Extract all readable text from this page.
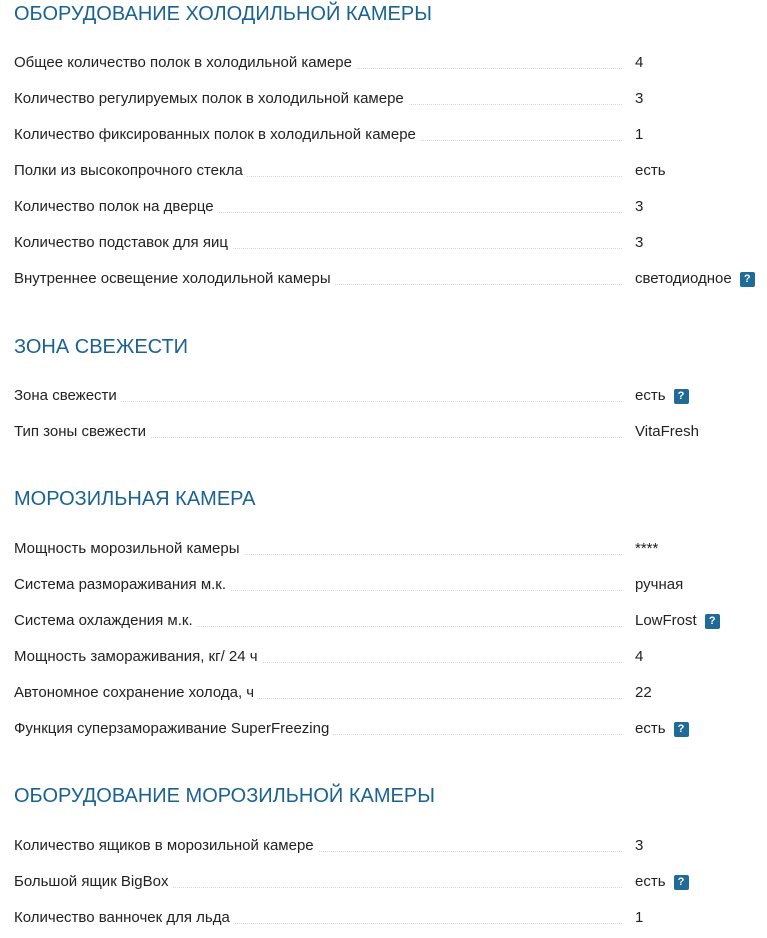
ОБОРУДОВАНИЕ ХОЛОДИЛЬНОЙ КАМЕРЫ
Общее количество полок в холодильной камере	4
Количество регулируемых полок в холодильной камере	3
Количество фиксированных полок в холодильной камере	1
Полки из высокопрочного стекла	есть
Количество полок на дверце	3
Количество подставок для яиц	3
Внутреннее освещение холодильной камеры	светодиодное ?
ЗОНА СВЕЖЕСТИ
Зона свежести	есть ?
Тип зоны свежести	VitaFresh
МОРОЗИЛЬНАЯ КАМЕРА
Мощность морозильной камеры	****
Система размораживания м.к.	ручная
Система охлаждения м.к.	LowFrost ?
Мощность замораживания, кг/ 24 ч	4
Автономное сохранение холода, ч	22
Функция суперзамораживание SuperFreezing	есть ?
ОБОРУДОВАНИЕ МОРОЗИЛЬНОЙ КАМЕРЫ
Количество ящиков в морозильной камере	3
Большой ящик BigBox	есть ?
Количество ванночек для льда	1
